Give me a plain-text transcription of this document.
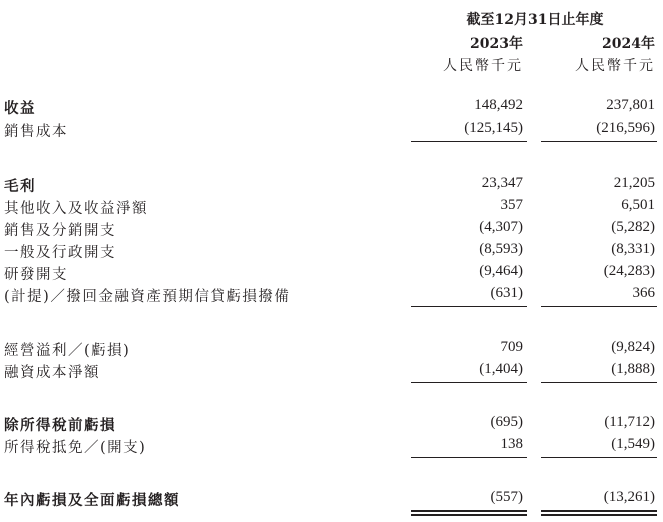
截至12月31日止年度
2023年	2024年
人民幣千元	人民幣千元
收益	148,492	237,801
銷售成本	(125,145)	(216,596)
毛利	23,347	21,205
其他收入及收益淨額	357	6,501
銷售及分銷開支	(4,307)	(5,282)
一般及行政開支	(8,593)	(8,331)
研發開支	(9,464)	(24,283)
(計提)／撥回金融資產預期信貸虧損撥備	(631)	366
經營溢利／(虧損)	709	(9,824)
融資成本淨額	(1,404)	(1,888)
除所得稅前虧損	(695)	(11,712)
所得稅抵免／(開支)	138	(1,549)
年內虧損及全面虧損總額	(557)	(13,261)
